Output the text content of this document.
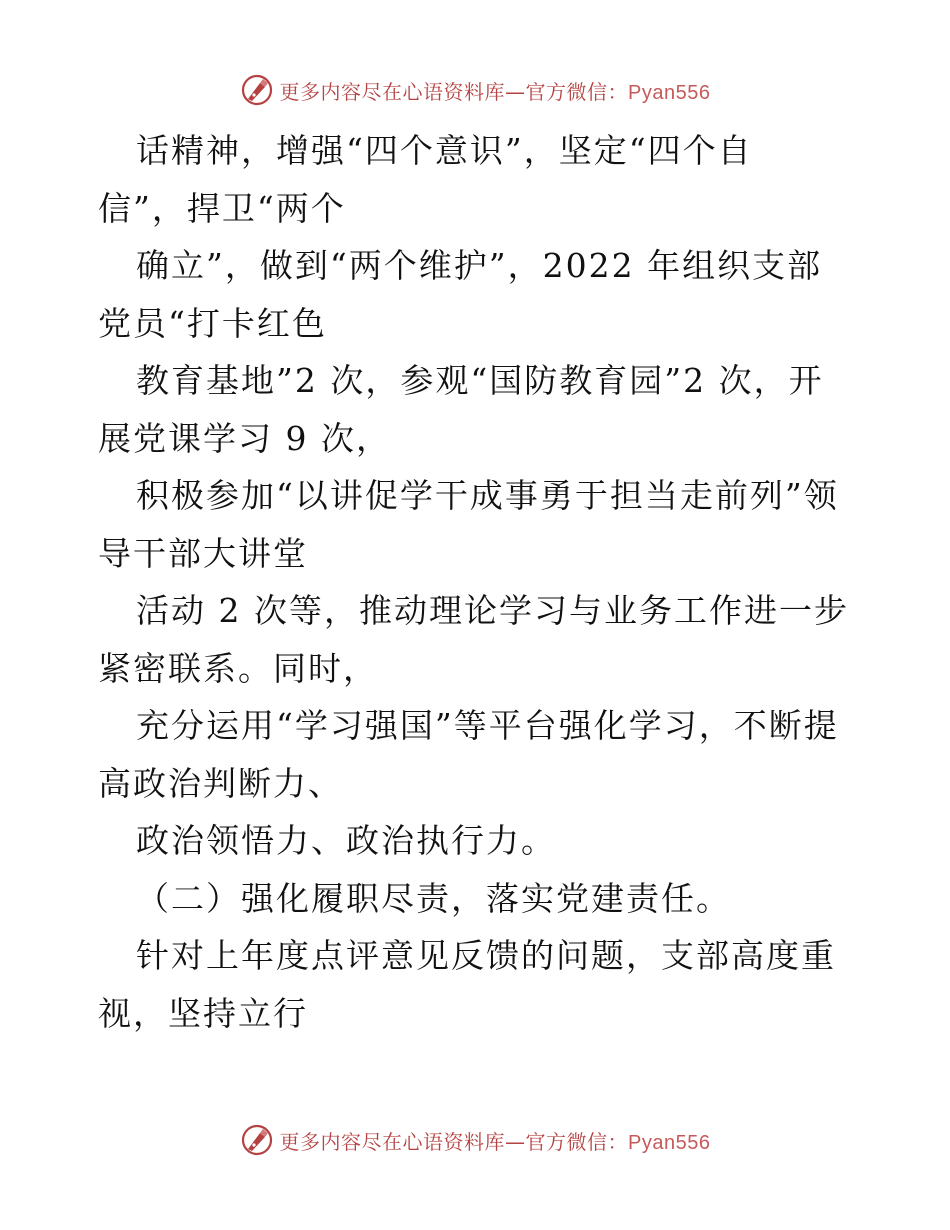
更多内容尽在心语资料库—官方微信：Pyan556
话精神，增强“四个意识”，坚定“四个自
信”，捍卫“两个
确立”，做到“两个维护”，2022 年组织支部
党员“打卡红色
教育基地”2 次，参观“国防教育园”2 次，开
展党课学习 9 次，
积极参加“以讲促学干成事勇于担当走前列”领
导干部大讲堂
活动 2 次等，推动理论学习与业务工作进一步
紧密联系。同时，
充分运用“学习强国”等平台强化学习，不断提
高政治判断力、
政治领悟力、政治执行力。
（二）强化履职尽责，落实党建责任。
针对上年度点评意见反馈的问题，支部高度重
视，坚持立行
更多内容尽在心语资料库—官方微信：Pyan556
